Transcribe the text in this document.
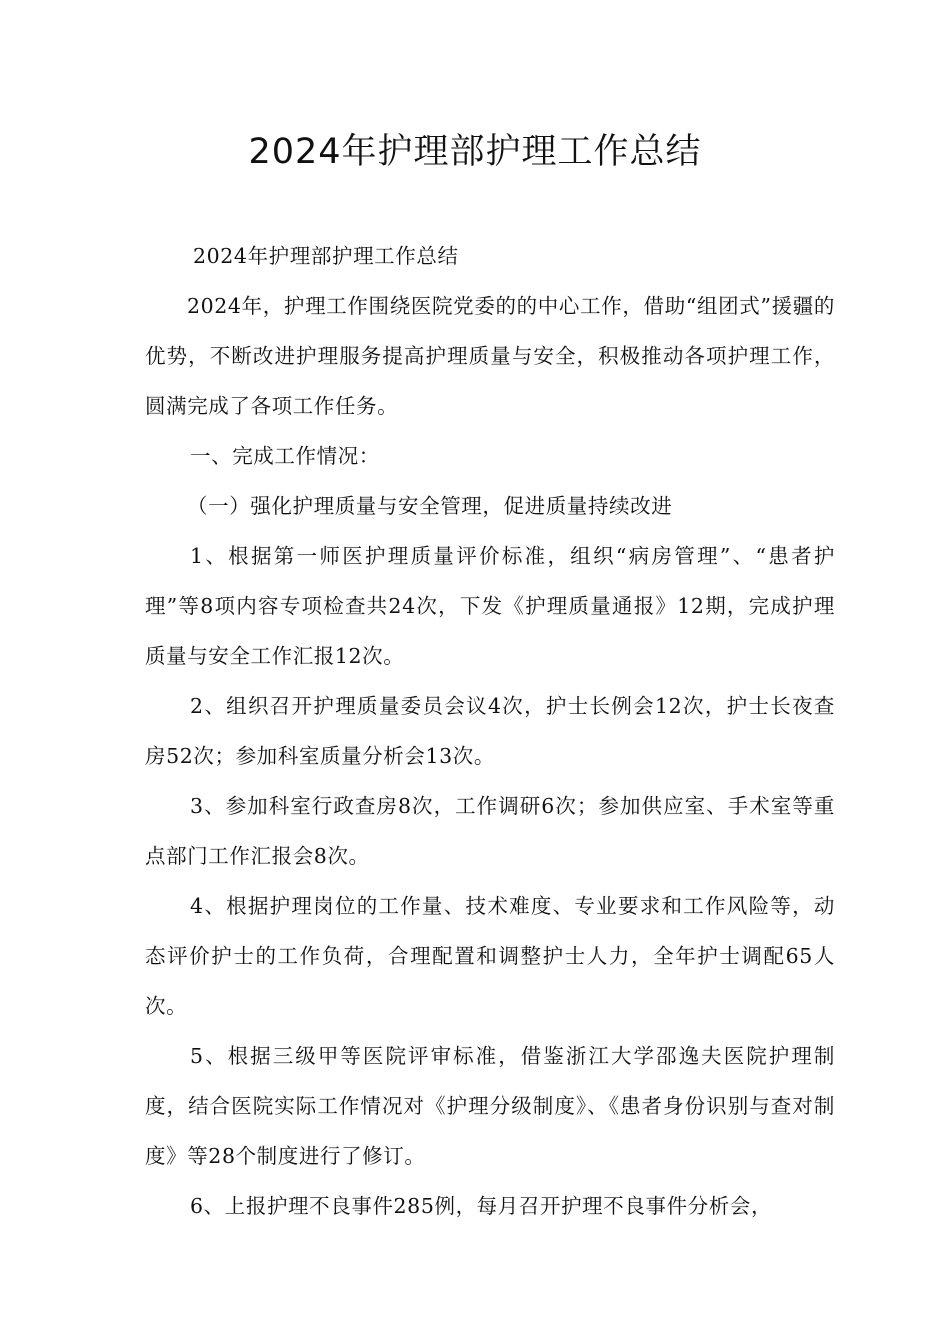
2024年护理部护理工作总结

2024年护理部护理工作总结

2024年，护理工作围绕医院党委的的中心工作，借助“组团式”援疆的优势，不断改进护理服务提高护理质量与安全，积极推动各项护理工作，圆满完成了各项工作任务。

一、完成工作情况：

（一）强化护理质量与安全管理，促进质量持续改进

1、根据第一师医护理质量评价标准，组织“病房管理”、“患者护理”等8项内容专项检查共24次，下发《护理质量通报》12期，完成护理质量与安全工作汇报12次。

2、组织召开护理质量委员会议4次，护士长例会12次，护士长夜查房52次；参加科室质量分析会13次。

3、参加科室行政查房8次，工作调研6次；参加供应室、手术室等重点部门工作汇报会8次。

4、根据护理岗位的工作量、技术难度、专业要求和工作风险等，动态评价护士的工作负荷，合理配置和调整护士人力，全年护士调配65人次。

5、根据三级甲等医院评审标准，借鉴浙江大学邵逸夫医院护理制度，结合医院实际工作情况对《护理分级制度》、《患者身份识别与查对制度》等28个制度进行了修订。

6、上报护理不良事件285例，每月召开护理不良事件分析会，
